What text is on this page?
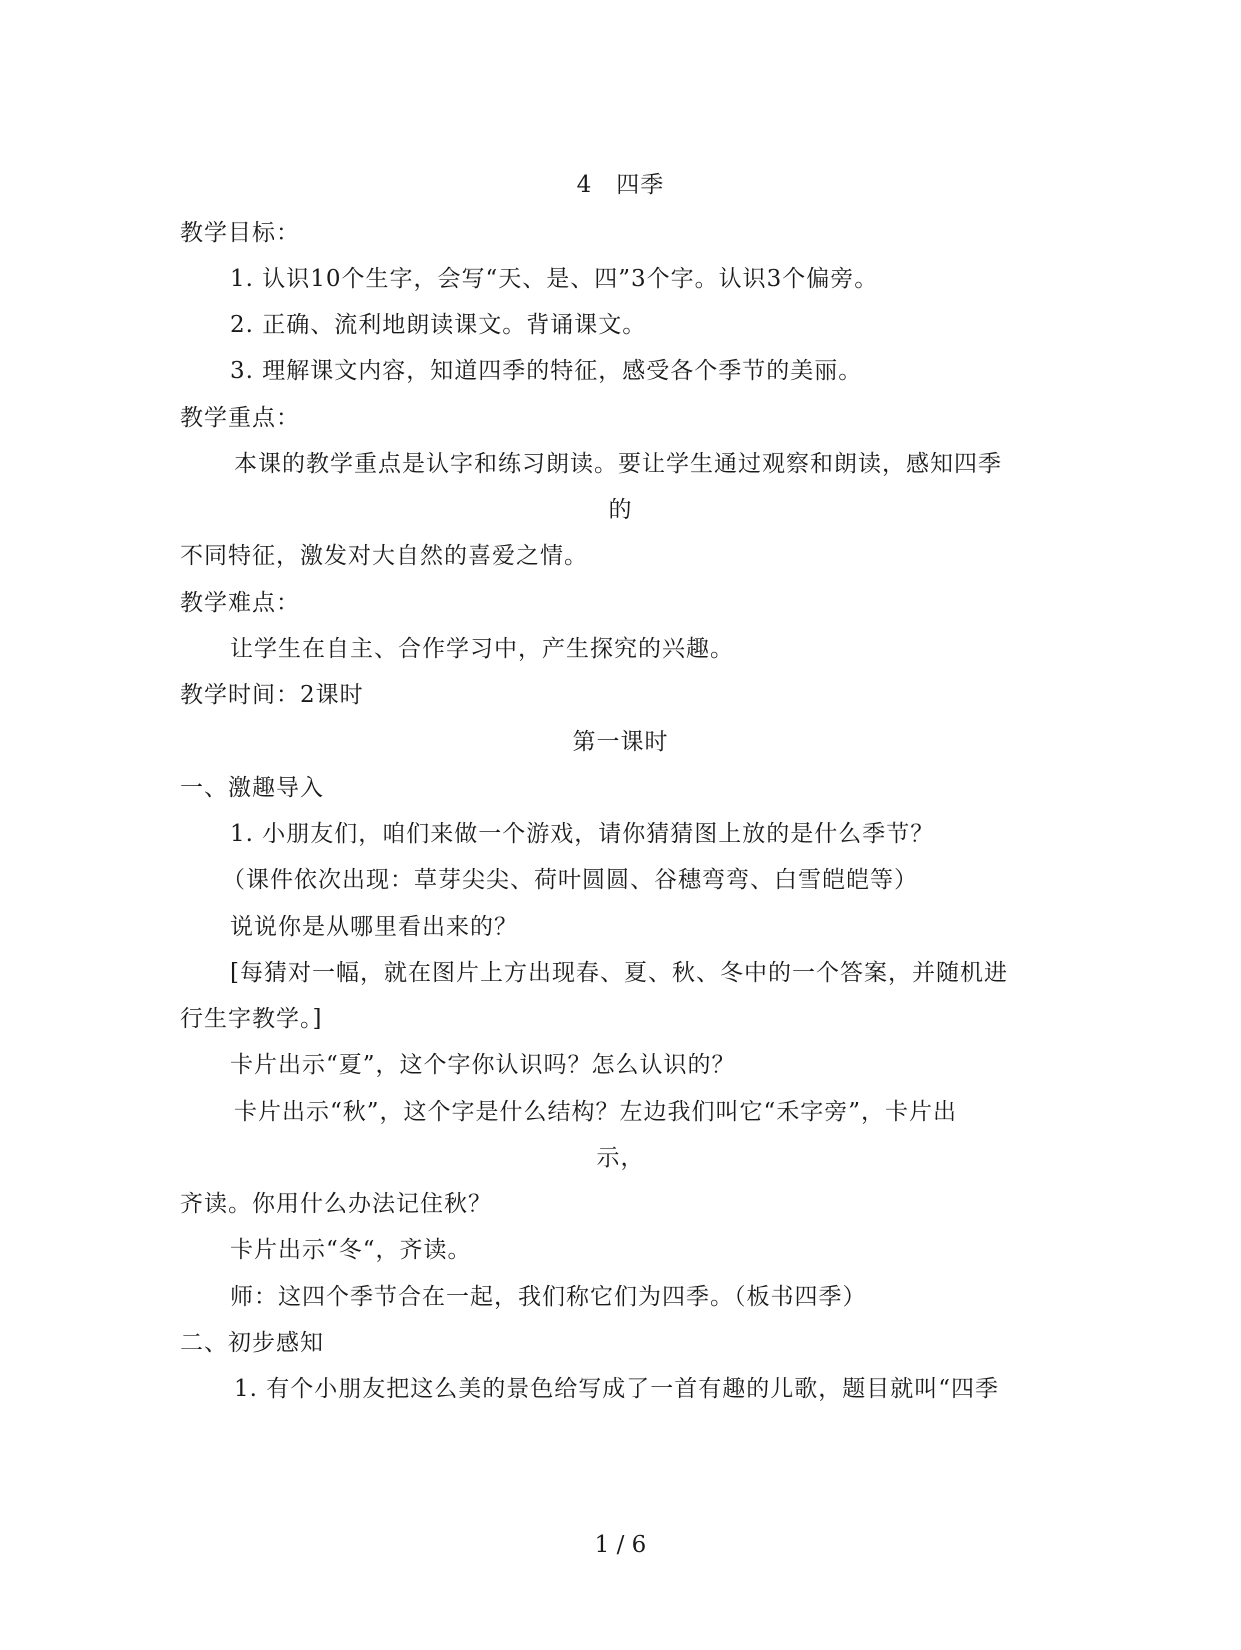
4　四季
教学目标：
1. 认识10个生字，会写“天、是、四”3个字。认识3个偏旁。
2. 正确、流利地朗读课文。背诵课文。
3. 理解课文内容，知道四季的特征，感受各个季节的美丽。
教学重点：
本课的教学重点是认字和练习朗读。要让学生通过观察和朗读，感知四季
的
不同特征，激发对大自然的喜爱之情。
教学难点：
让学生在自主、合作学习中，产生探究的兴趣。
教学时间：2课时
第一课时
一、激趣导入
1. 小朋友们，咱们来做一个游戏，请你猜猜图上放的是什么季节？
（课件依次出现：草芽尖尖、荷叶圆圆、谷穗弯弯、白雪皑皑等）
说说你是从哪里看出来的？
[每猜对一幅，就在图片上方出现春、夏、秋、冬中的一个答案，并随机进
行生字教学。]
卡片出示“夏”，这个字你认识吗？怎么认识的？
卡片出示“秋”，这个字是什么结构？左边我们叫它“禾字旁”，卡片出
示，
齐读。你用什么办法记住秋？
卡片出示“冬“，齐读。
师：这四个季节合在一起，我们称它们为四季。（板书四季）
二、初步感知
1. 有个小朋友把这么美的景色给写成了一首有趣的儿歌，题目就叫“四季
1 / 6
